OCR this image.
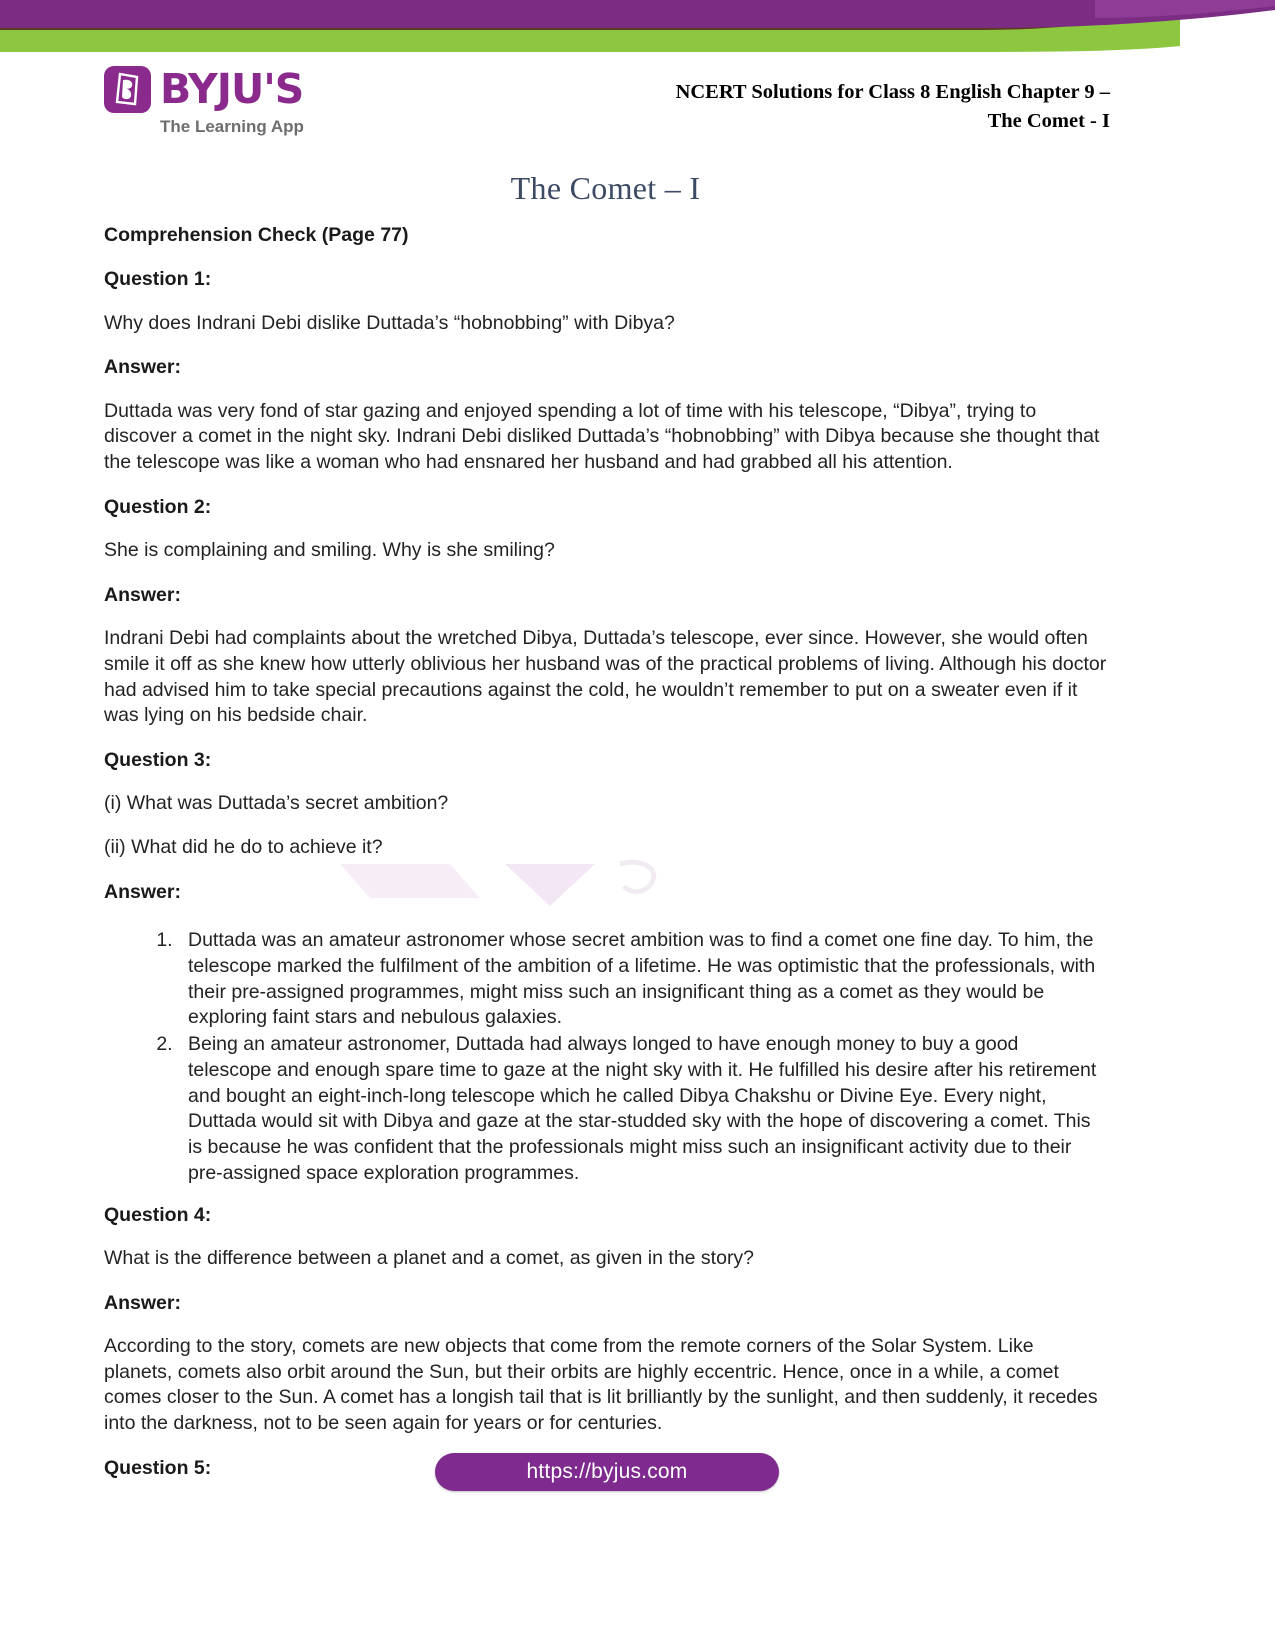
BYJU'S
The Learning App
NCERT Solutions for Class 8 English Chapter 9 –
The Comet - I
The Comet – I

Comprehension Check (Page 77)

Question 1:

Why does Indrani Debi dislike Duttada’s “hobnobbing” with Dibya?

Answer:

Duttada was very fond of star gazing and enjoyed spending a lot of time with his telescope, “Dibya”, trying to discover a comet in the night sky. Indrani Debi disliked Duttada’s “hobnobbing” with Dibya because she thought that the telescope was like a woman who had ensnared her husband and had grabbed all his attention.

Question 2:

She is complaining and smiling. Why is she smiling?

Answer:

Indrani Debi had complaints about the wretched Dibya, Duttada’s telescope, ever since. However, she would often smile it off as she knew how utterly oblivious her husband was of the practical problems of living. Although his doctor had advised him to take special precautions against the cold, he wouldn’t remember to put on a sweater even if it was lying on his bedside chair.

Question 3:

(i) What was Duttada’s secret ambition?

(ii) What did he do to achieve it?

Answer:

1. Duttada was an amateur astronomer whose secret ambition was to find a comet one fine day. To him, the telescope marked the fulfilment of the ambition of a lifetime. He was optimistic that the professionals, with their pre-assigned programmes, might miss such an insignificant thing as a comet as they would be exploring faint stars and nebulous galaxies.
2. Being an amateur astronomer, Duttada had always longed to have enough money to buy a good telescope and enough spare time to gaze at the night sky with it. He fulfilled his desire after his retirement and bought an eight-inch-long telescope which he called Dibya Chakshu or Divine Eye. Every night, Duttada would sit with Dibya and gaze at the star-studded sky with the hope of discovering a comet. This is because he was confident that the professionals might miss such an insignificant activity due to their pre-assigned space exploration programmes.

Question 4:

What is the difference between a planet and a comet, as given in the story?

Answer:

According to the story, comets are new objects that come from the remote corners of the Solar System. Like planets, comets also orbit around the Sun, but their orbits are highly eccentric. Hence, once in a while, a comet comes closer to the Sun. A comet has a longish tail that is lit brilliantly by the sunlight, and then suddenly, it recedes into the darkness, not to be seen again for years or for centuries.

Question 5:	https://byjus.com
